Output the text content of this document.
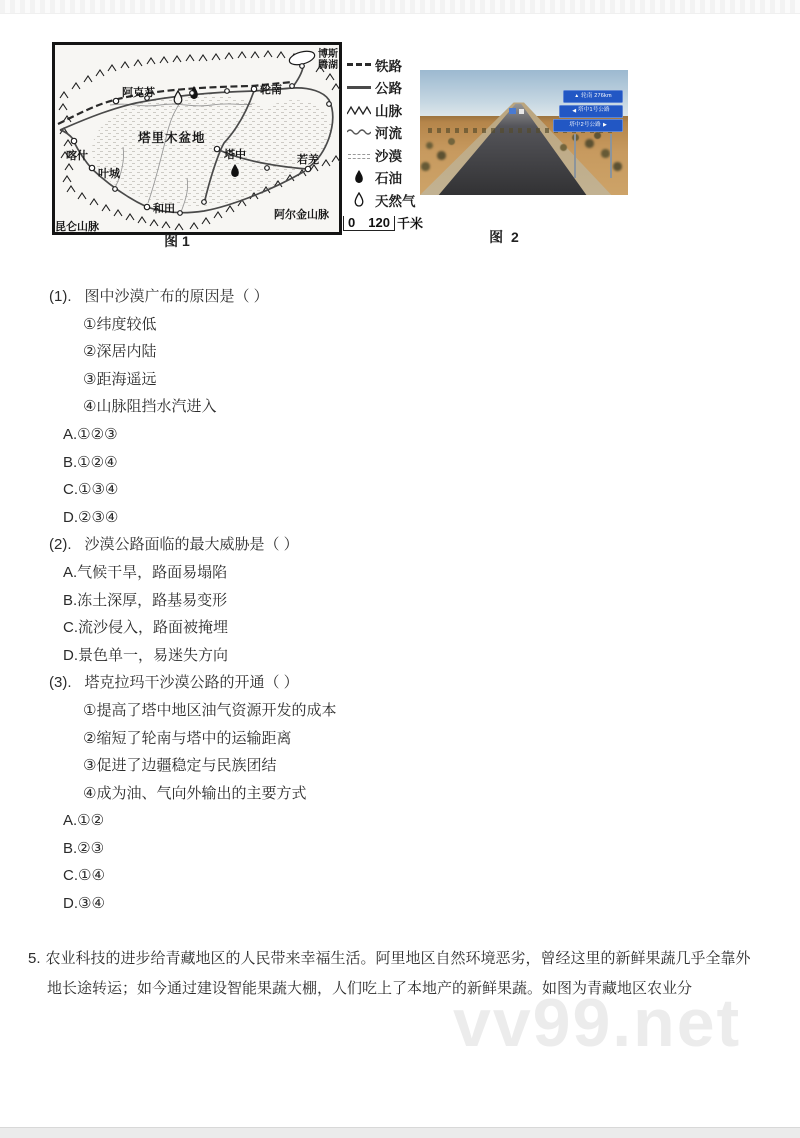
阿克苏	轮南
喀什
叶城
和田
塔中	若羌
塔里木盆地
昆仑山脉
阿尔金山脉
博斯
腾湖	铁路
公路
山脉
河流
沙漠
石油
天然气
0 120 千米
图 1
▲ 轮南 276km
◀ 塔中1号公路
塔中2号公路 ▶
图 2
(1). 图中沙漠广布的原因是（ ）
①纬度较低
②深居内陆
③距海遥远
④山脉阻挡水汽进入
A.①②③
B.①②④
C.①③④
D.②③④
(2). 沙漠公路面临的最大威胁是（ ）
A.气候干旱，路面易塌陷
B.冻土深厚，路基易变形
C.流沙侵入，路面被掩埋
D.景色单一，易迷失方向
(3). 塔克拉玛干沙漠公路的开通（ ）
①提高了塔中地区油气资源开发的成本
②缩短了轮南与塔中的运输距离
③促进了边疆稳定与民族团结
④成为油、气向外输出的主要方式
A.①②
B.②③
C.①④
D.③④

5. 农业科技的进步给青藏地区的人民带来幸福生活。阿里地区自然环境恶劣，曾经这里的新鲜果蔬几乎全靠外地长途转运；如今通过建设智能果蔬大棚，人们吃上了本地产的新鲜果蔬。如图为青藏地区农业分

vv99.net
